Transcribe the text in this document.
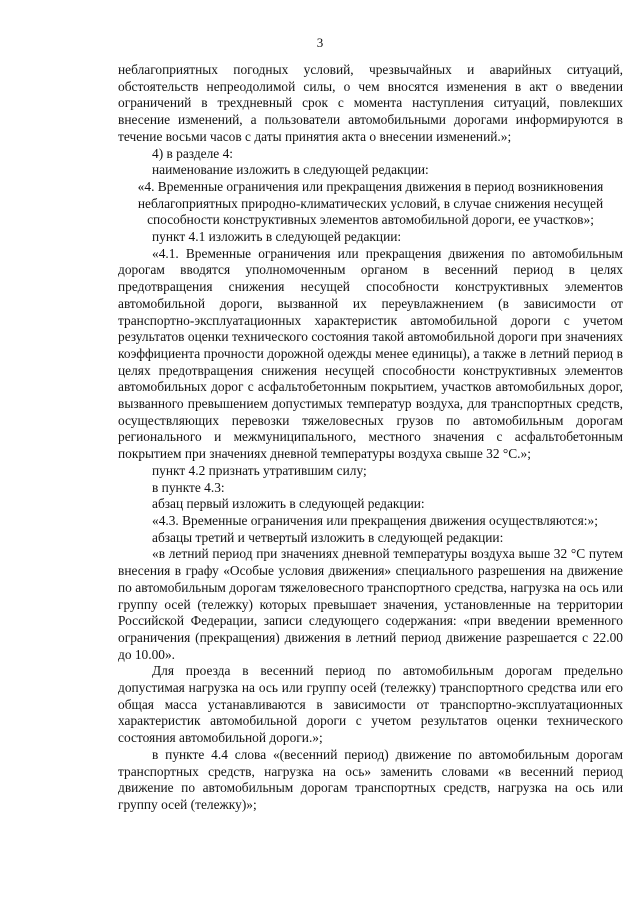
3

неблагоприятных погодных условий, чрезвычайных и аварийных ситуаций, обстоятельств непреодолимой силы, о чем вносятся изменения в акт о введении ограничений в трехдневный срок с момента наступления ситуаций, повлекших внесение изменений, а пользователи автомобильными дорогами информируются в течение восьми часов с даты принятия акта о внесении изменений.»;

4) в разделе 4:

наименование изложить в следующей редакции:

«4. Временные ограничения или прекращения движения в период возникновения неблагоприятных природно-климатических условий, в случае снижения несущей способности конструктивных элементов автомобильной дороги, ее участков»;

пункт 4.1 изложить в следующей редакции:

«4.1. Временные ограничения или прекращения движения по автомобильным дорогам вводятся уполномоченным органом в весенний период в целях предотвращения снижения несущей способности конструктивных элементов автомобильной дороги, вызванной их переувлажнением (в зависимости от транспортно-эксплуатационных характеристик автомобильной дороги с учетом результатов оценки технического состояния такой автомобильной дороги при значениях коэффициента прочности дорожной одежды менее единицы), а также в летний период в целях предотвращения снижения несущей способности конструктивных элементов автомобильных дорог с асфальтобетонным покрытием, участков автомобильных дорог, вызванного превышением допустимых температур воздуха, для транспортных средств, осуществляющих перевозки тяжеловесных грузов по автомобильным дорогам регионального и межмуниципального, местного значения с асфальтобетонным покрытием при значениях дневной температуры воздуха свыше 32 °С.»;

пункт 4.2 признать утратившим силу;

в пункте 4.3:

абзац первый изложить в следующей редакции:

«4.3. Временные ограничения или прекращения движения осуществляются:»;

абзацы третий и четвертый изложить в следующей редакции:

«в летний период при значениях дневной температуры воздуха выше 32 °С путем внесения в графу «Особые условия движения» специального разрешения на движение по автомобильным дорогам тяжеловесного транспортного средства, нагрузка на ось или группу осей (тележку) которых превышает значения, установленные на территории Российской Федерации, записи следующего содержания: «при введении временного ограничения (прекращения) движения в летний период движение разрешается с 22.00 до 10.00».

Для проезда в весенний период по автомобильным дорогам предельно допустимая нагрузка на ось или группу осей (тележку) транспортного средства или его общая масса устанавливаются в зависимости от транспортно-эксплуатационных характеристик автомобильной дороги с учетом результатов оценки технического состояния автомобильной дороги.»;

в пункте 4.4 слова «(весенний период) движение по автомобильным дорогам транспортных средств, нагрузка на ось» заменить словами «в весенний период движение по автомобильным дорогам транспортных средств, нагрузка на ось или группу осей (тележку)»;
